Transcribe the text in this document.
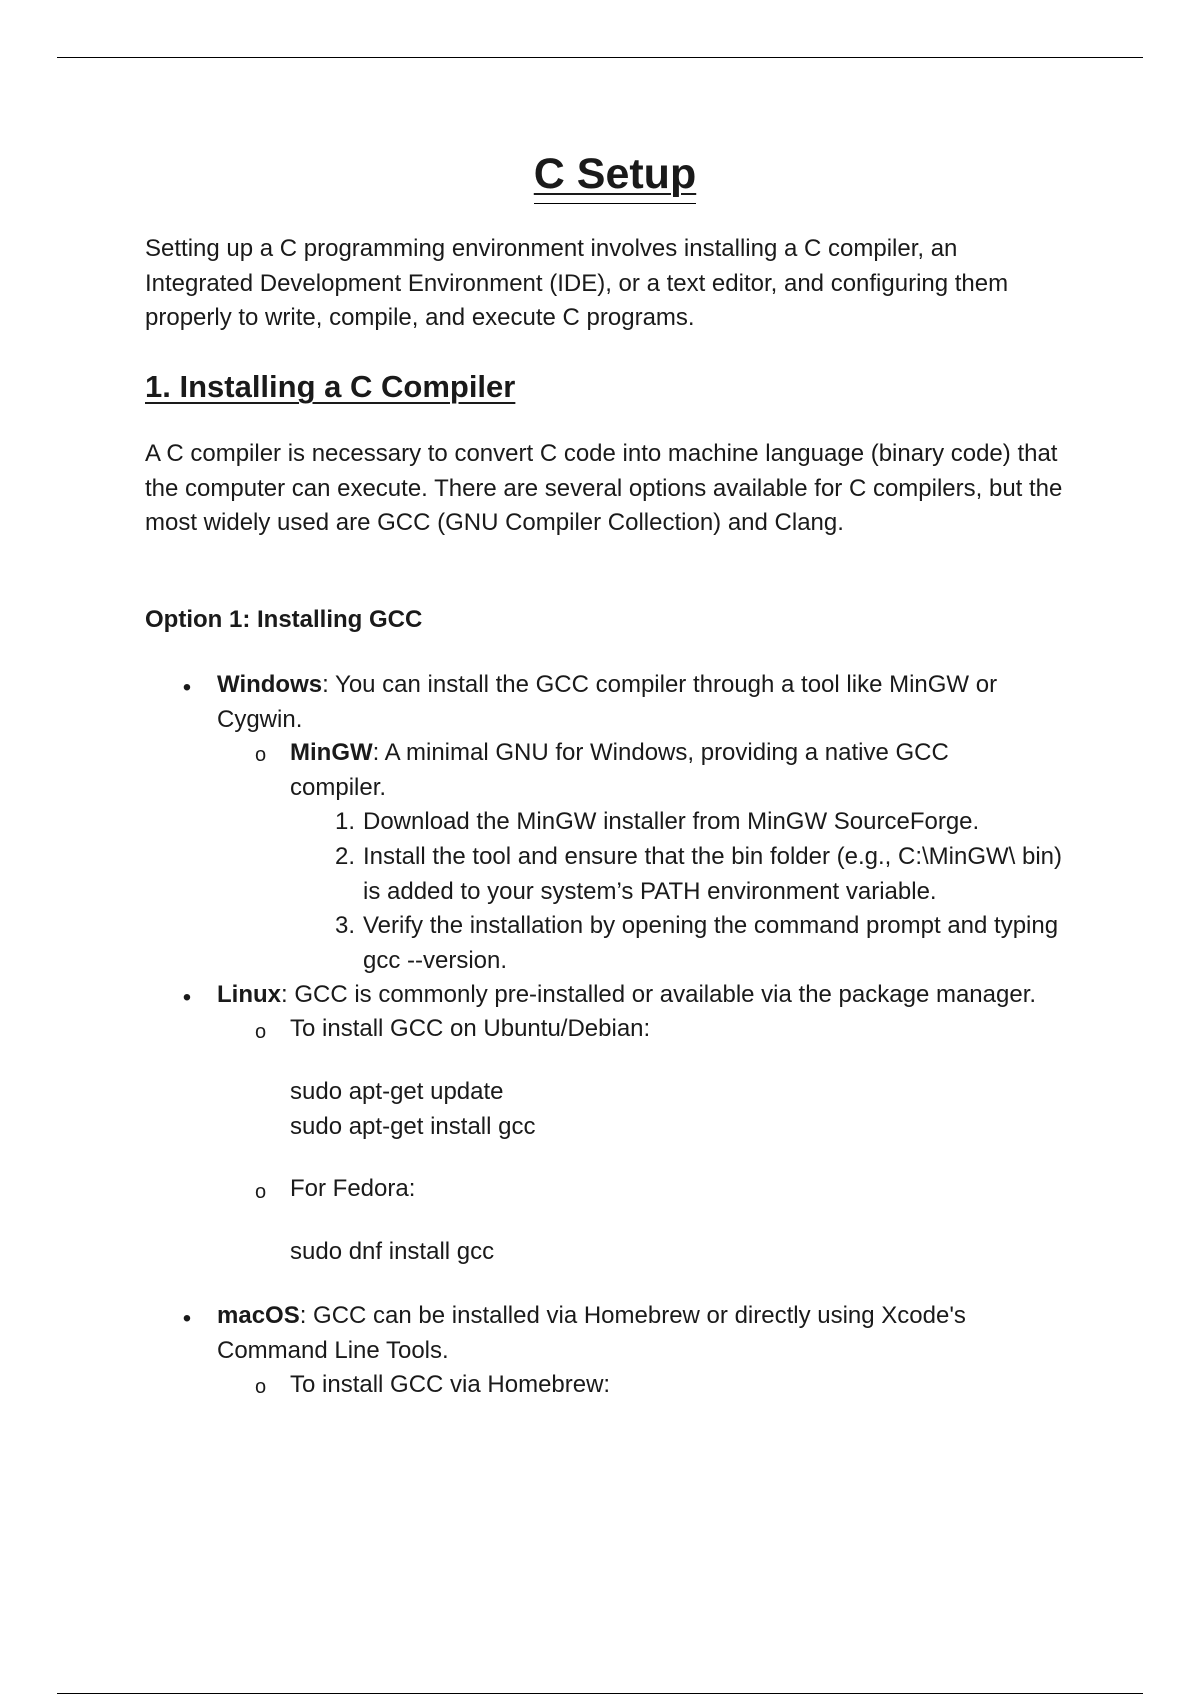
C Setup

Setting up a C programming environment involves installing a C compiler, an Integrated Development Environment (IDE), or a text editor, and configuring them properly to write, compile, and execute C programs.

1. Installing a C Compiler

A C compiler is necessary to convert C code into machine language (binary code) that the computer can execute. There are several options available for C compilers, but the most widely used are GCC (GNU Compiler Collection) and Clang.

Option 1: Installing GCC
• Windows: You can install the GCC compiler through a tool like MinGW or Cygwin.

o MinGW: A minimal GNU for Windows, providing a native GCC compiler.

1. Download the MinGW installer from MinGW SourceForge.

2. Install the tool and ensure that the bin folder (e.g., C:\MinGW\ bin) is added to your system’s PATH environment variable.

3. Verify the installation by opening the command prompt and typing gcc --version.

• Linux: GCC is commonly pre-installed or available via the package manager.

o To install GCC on Ubuntu/Debian:

sudo apt-get update

sudo apt-get install gcc

o For Fedora:

sudo dnf install gcc

• macOS: GCC can be installed via Homebrew or directly using Xcode's Command Line Tools.

o To install GCC via Homebrew:
